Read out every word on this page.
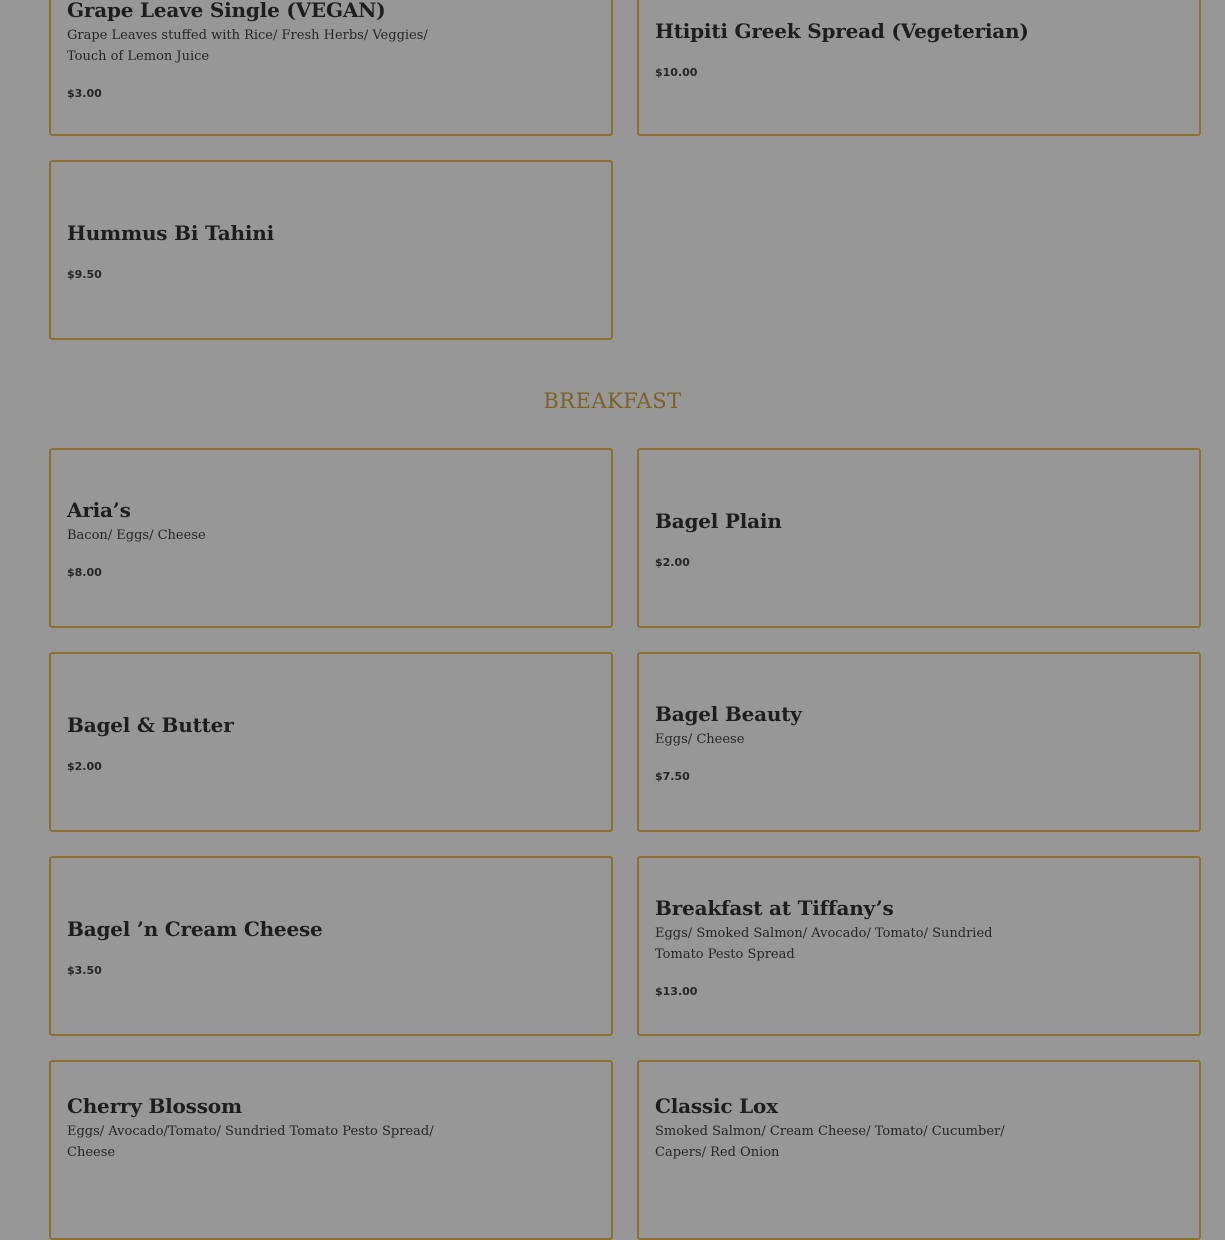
Grape Leave Single (VEGAN)
Grape Leaves stuffed with Rice/ Fresh Herbs/ Veggies/ Touch of Lemon Juice
$3.00
Htipiti Greek Spread (Vegeterian)
$10.00
Hummus Bi Tahini
$9.50
BREAKFAST
Aria’s
Bacon/ Eggs/ Cheese
$8.00
Bagel Plain
$2.00
Bagel & Butter
$2.00
Bagel Beauty
Eggs/ Cheese
$7.50
Bagel ’n Cream Cheese
$3.50
Breakfast at Tiffany’s
Eggs/ Smoked Salmon/ Avocado/ Tomato/ Sundried Tomato Pesto Spread
$13.00
Cherry Blossom
Eggs/ Avocado/Tomato/ Sundried Tomato Pesto Spread/ Cheese
Classic Lox
Smoked Salmon/ Cream Cheese/ Tomato/ Cucumber/ Capers/ Red Onion
